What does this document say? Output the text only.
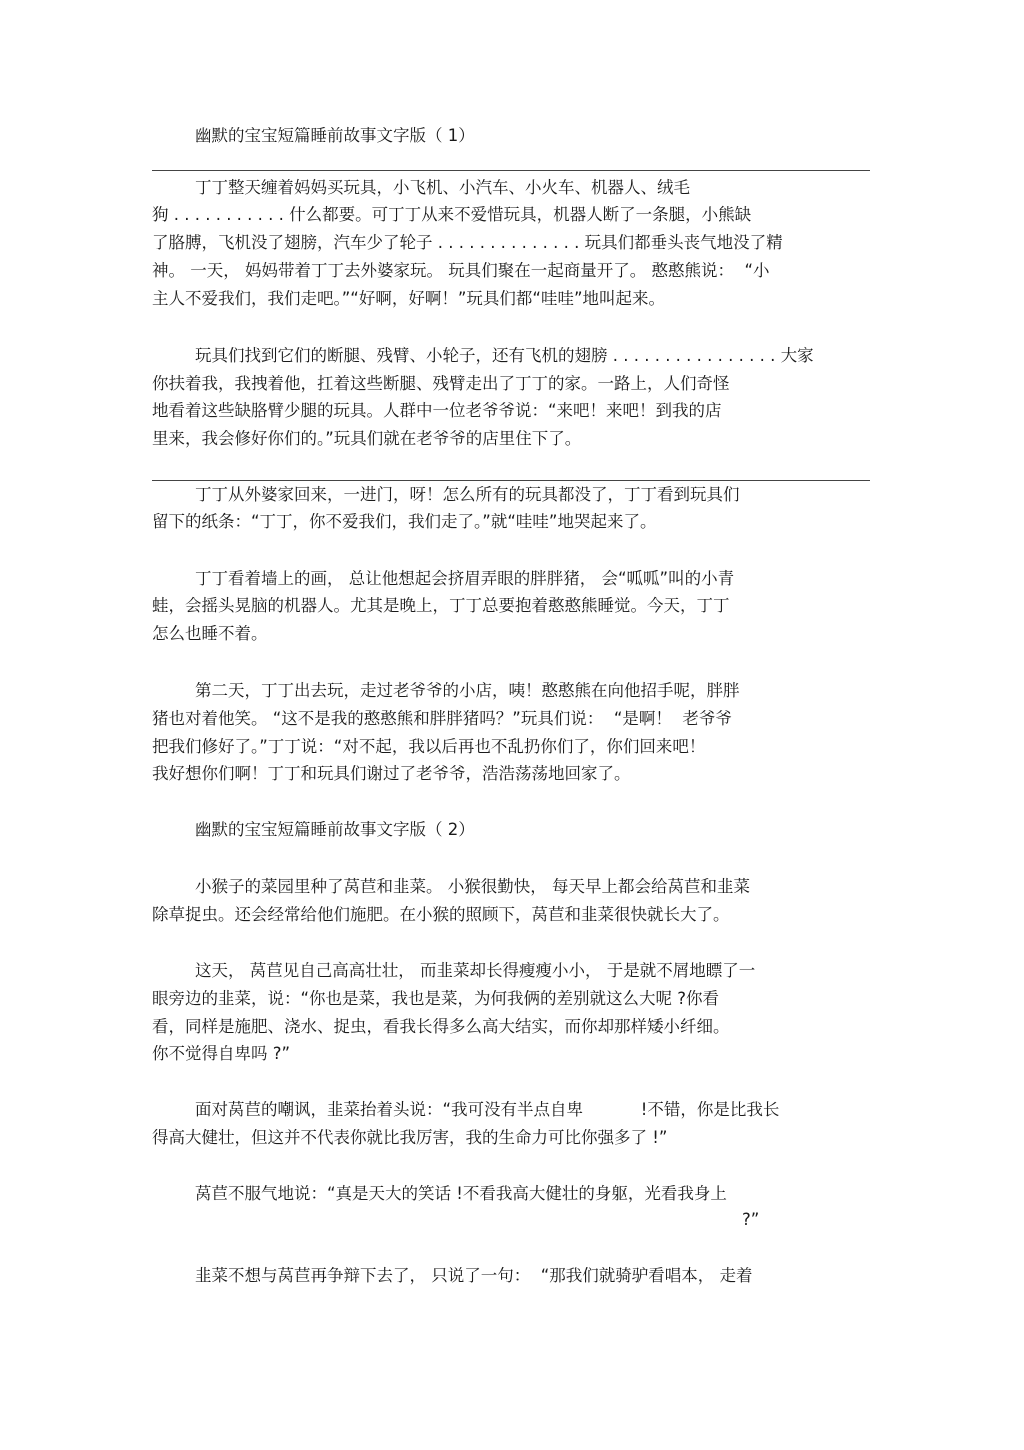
幽默的宝宝短篇睡前故事文字版（ 1）
丁丁整天缠着妈妈买玩具，小飞机、小汽车、小火车、机器人、绒毛
狗 . . . . . . . . . . . 什么都要。可丁丁从来不爱惜玩具，机器人断了一条腿，小熊缺
了胳膊，飞机没了翅膀，汽车少了轮子 . . . . . . . . . . . . . . 玩具们都垂头丧气地没了精
神。 一天， 妈妈带着丁丁去外婆家玩。 玩具们聚在一起商量开了。 憨憨熊说：  “小
主人不爱我们，我们走吧。”“好啊，好啊！”玩具们都“哇哇”地叫起来。
玩具们找到它们的断腿、残臂、小轮子，还有飞机的翅膀 . . . . . . . . . . . . . . . . 大家
你扶着我，我拽着他，扛着这些断腿、残臂走出了丁丁的家。一路上，人们奇怪
地看着这些缺胳臂少腿的玩具。人群中一位老爷爷说：“来吧！来吧！到我的店
里来，我会修好你们的。”玩具们就在老爷爷的店里住下了。
丁丁从外婆家回来，一进门，呀！怎么所有的玩具都没了，丁丁看到玩具们
留下的纸条：“丁丁，你不爱我们，我们走了。”就“哇哇”地哭起来了。
丁丁看着墙上的画， 总让他想起会挤眉弄眼的胖胖猪， 会“呱呱”叫的小青
蛙，会摇头晃脑的机器人。尤其是晚上，丁丁总要抱着憨憨熊睡觉。今天，丁丁
怎么也睡不着。
第二天，丁丁出去玩，走过老爷爷的小店，咦！憨憨熊在向他招手呢，胖胖
猪也对着他笑。 “这不是我的憨憨熊和胖胖猪吗？”玩具们说：  “是啊！  老爷爷
把我们修好了。”丁丁说：“对不起，我以后再也不乱扔你们了，你们回来吧！
我好想你们啊！丁丁和玩具们谢过了老爷爷，浩浩荡荡地回家了。
幽默的宝宝短篇睡前故事文字版（ 2）
小猴子的菜园里种了莴苣和韭菜。 小猴很勤快， 每天早上都会给莴苣和韭菜
除草捉虫。还会经常给他们施肥。在小猴的照顾下，莴苣和韭菜很快就长大了。
这天， 莴苣见自己高高壮壮， 而韭菜却长得瘦瘦小小， 于是就不屑地瞟了一
眼旁边的韭菜，说：“你也是菜，我也是菜，为何我俩的差别就这么大呢 ?你看
看，同样是施肥、浇水、捉虫，看我长得多么高大结实，而你却那样矮小纤细。
你不觉得自卑吗 ?”
面对莴苣的嘲讽，韭菜抬着头说：“我可没有半点自卑           !不错，你是比我长
得高大健壮，但这并不代表你就比我厉害，我的生命力可比你强多了 !”
莴苣不服气地说：“真是天大的笑话 !不看我高大健壮的身躯，光看我身上
?”
韭菜不想与莴苣再争辩下去了， 只说了一句：  “那我们就骑驴看唱本， 走着
